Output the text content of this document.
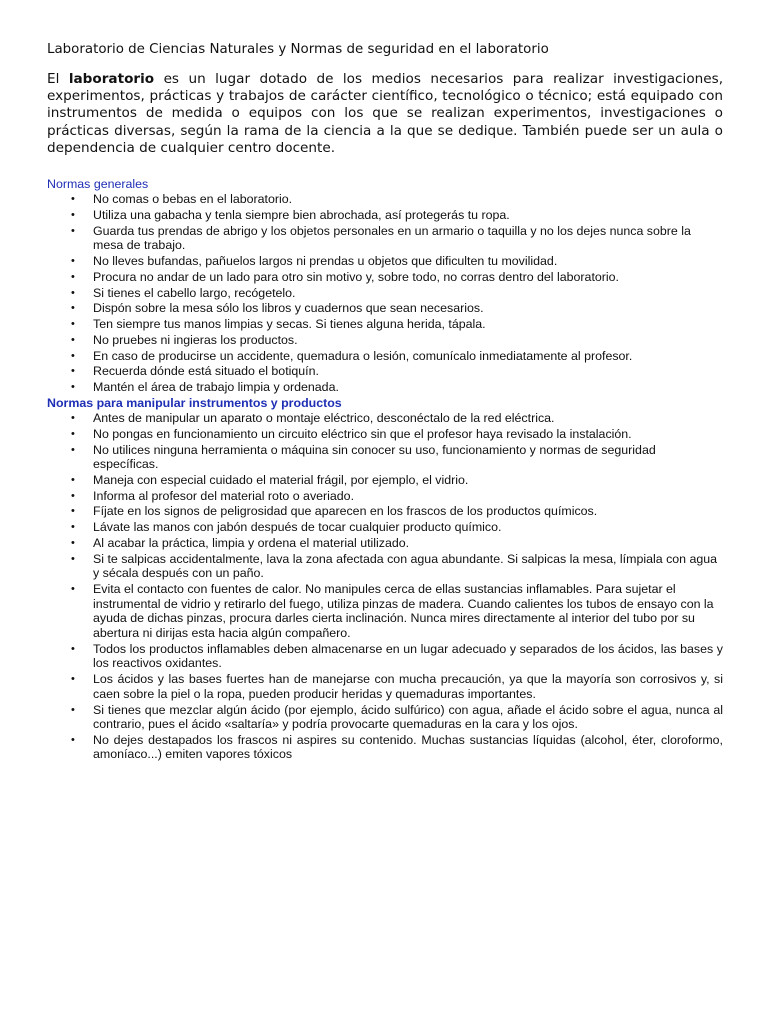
Laboratorio de Ciencias Naturales y Normas de seguridad en el laboratorio

El laboratorio es un lugar dotado de los medios necesarios para realizar investigaciones, experimentos, prácticas y trabajos de carácter científico, tecnológico o técnico; está equipado con instrumentos de medida o equipos con los que se realizan experimentos, investigaciones o prácticas diversas, según la rama de la ciencia a la que se dedique. También puede ser un aula o dependencia de cualquier centro docente.

Normas generales

• No comas o bebas en el laboratorio.
• Utiliza una gabacha y tenla siempre bien abrochada, así protegerás tu ropa.
• Guarda tus prendas de abrigo y los objetos personales en un armario o taquilla y no los dejes nunca sobre la mesa de trabajo.
• No lleves bufandas, pañuelos largos ni prendas u objetos que dificulten tu movilidad.
• Procura no andar de un lado para otro sin motivo y, sobre todo, no corras dentro del laboratorio.
• Si tienes el cabello largo, recógetelo.
• Dispón sobre la mesa sólo los libros y cuadernos que sean necesarios.
• Ten siempre tus manos limpias y secas. Si tienes alguna herida, tápala.
• No pruebes ni ingieras los productos.
• En caso de producirse un accidente, quemadura o lesión, comunícalo inmediatamente al profesor.
• Recuerda dónde está situado el botiquín.
• Mantén el área de trabajo limpia y ordenada.

Normas para manipular instrumentos y productos

• Antes de manipular un aparato o montaje eléctrico, desconéctalo de la red eléctrica.
• No pongas en funcionamiento un circuito eléctrico sin que el profesor haya revisado la instalación.
• No utilices ninguna herramienta o máquina sin conocer su uso, funcionamiento y normas de seguridad específicas.
• Maneja con especial cuidado el material frágil, por ejemplo, el vidrio.
• Informa al profesor del material roto o averiado.
• Fíjate en los signos de peligrosidad que aparecen en los frascos de los productos químicos.
• Lávate las manos con jabón después de tocar cualquier producto químico.
• Al acabar la práctica, limpia y ordena el material utilizado.
• Si te salpicas accidentalmente, lava la zona afectada con agua abundante. Si salpicas la mesa, límpiala con agua y sécala después con un paño.
• Evita el contacto con fuentes de calor. No manipules cerca de ellas sustancias inflamables. Para sujetar el instrumental de vidrio y retirarlo del fuego, utiliza pinzas de madera. Cuando calientes los tubos de ensayo con la ayuda de dichas pinzas, procura darles cierta inclinación. Nunca mires directamente al interior del tubo por su abertura ni dirijas esta hacia algún compañero.
• Todos los productos inflamables deben almacenarse en un lugar adecuado y separados de los ácidos, las bases y los reactivos oxidantes.
• Los ácidos y las bases fuertes han de manejarse con mucha precaución, ya que la mayoría son corrosivos y, si caen sobre la piel o la ropa, pueden producir heridas y quemaduras importantes.
• Si tienes que mezclar algún ácido (por ejemplo, ácido sulfúrico) con agua, añade el ácido sobre el agua, nunca al contrario, pues el ácido «saltaría» y podría provocarte quemaduras en la cara y los ojos.
• No dejes destapados los frascos ni aspires su contenido. Muchas sustancias líquidas (alcohol, éter, cloroformo, amoníaco...) emiten vapores tóxicos
